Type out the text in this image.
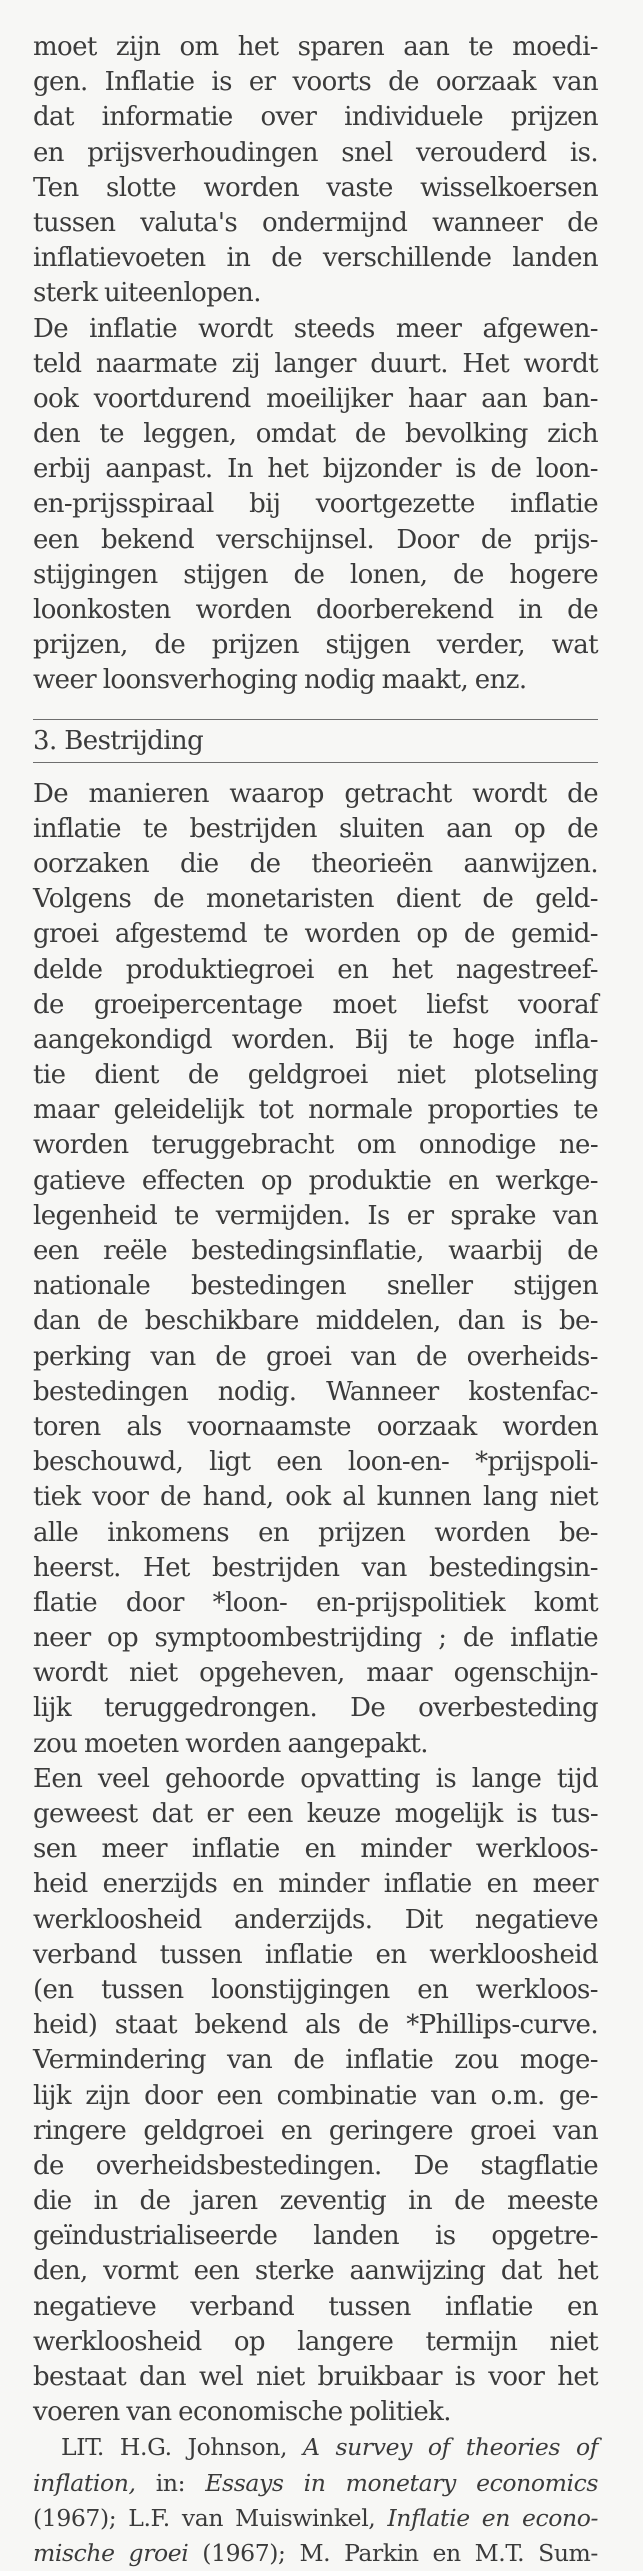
moet zijn om het sparen aan te moedi-
gen. Inflatie is er voorts de oorzaak van
dat informatie over individuele prijzen
en prijsverhoudingen snel verouderd is.
Ten slotte worden vaste wisselkoersen
tussen valuta's ondermijnd wanneer de
inflatievoeten in de verschillende landen
sterk uiteenlopen.
De inflatie wordt steeds meer afgewen-
teld naarmate zij langer duurt. Het wordt
ook voortdurend moeilijker haar aan ban-
den te leggen, omdat de bevolking zich
erbij aanpast. In het bijzonder is de loon-
en-prijsspiraal bij voortgezette inflatie
een bekend verschijnsel. Door de prijs-
stijgingen stijgen de lonen, de hogere
loonkosten worden doorberekend in de
prijzen, de prijzen stijgen verder, wat
weer loonsverhoging nodig maakt, enz.
3. Bestrijding
De manieren waarop getracht wordt de
inflatie te bestrijden sluiten aan op de
oorzaken die de theorieën aanwijzen.
Volgens de monetaristen dient de geld-
groei afgestemd te worden op de gemid-
delde produktiegroei en het nagestreef-
de groeipercentage moet liefst vooraf
aangekondigd worden. Bij te hoge infla-
tie dient de geldgroei niet plotseling
maar geleidelijk tot normale proporties te
worden teruggebracht om onnodige ne-
gatieve effecten op produktie en werkge-
legenheid te vermijden. Is er sprake van
een reële bestedingsinflatie, waarbij de
nationale bestedingen sneller stijgen
dan de beschikbare middelen, dan is be-
perking van de groei van de overheids-
bestedingen nodig. Wanneer kostenfac-
toren als voornaamste oorzaak worden
beschouwd, ligt een loon-en- *prijspoli-
tiek voor de hand, ook al kunnen lang niet
alle inkomens en prijzen worden be-
heerst. Het bestrijden van bestedingsin-
flatie door *loon- en-prijspolitiek komt
neer op symptoombestrijding ; de inflatie
wordt niet opgeheven, maar ogenschijn-
lijk teruggedrongen. De overbesteding
zou moeten worden aangepakt.
Een veel gehoorde opvatting is lange tijd
geweest dat er een keuze mogelijk is tus-
sen meer inflatie en minder werkloos-
heid enerzijds en minder inflatie en meer
werkloosheid anderzijds. Dit negatieve
verband tussen inflatie en werkloosheid
(en tussen loonstijgingen en werkloos-
heid) staat bekend als de *Phillips-curve.
Vermindering van de inflatie zou moge-
lijk zijn door een combinatie van o.m. ge-
ringere geldgroei en geringere groei van
de overheidsbestedingen. De stagflatie
die in de jaren zeventig in de meeste
geïndustrialiseerde landen is opgetre-
den, vormt een sterke aanwijzing dat het
negatieve verband tussen inflatie en
werkloosheid op langere termijn niet
bestaat dan wel niet bruikbaar is voor het
voeren van economische politiek.
LIT. H.G. Johnson, A survey of theories of
inflation, in: Essays in monetary economics
(1967); L.F. van Muiswinkel, Inflatie en econo-
mische groei (1967); M. Parkin en M.T. Sum-
